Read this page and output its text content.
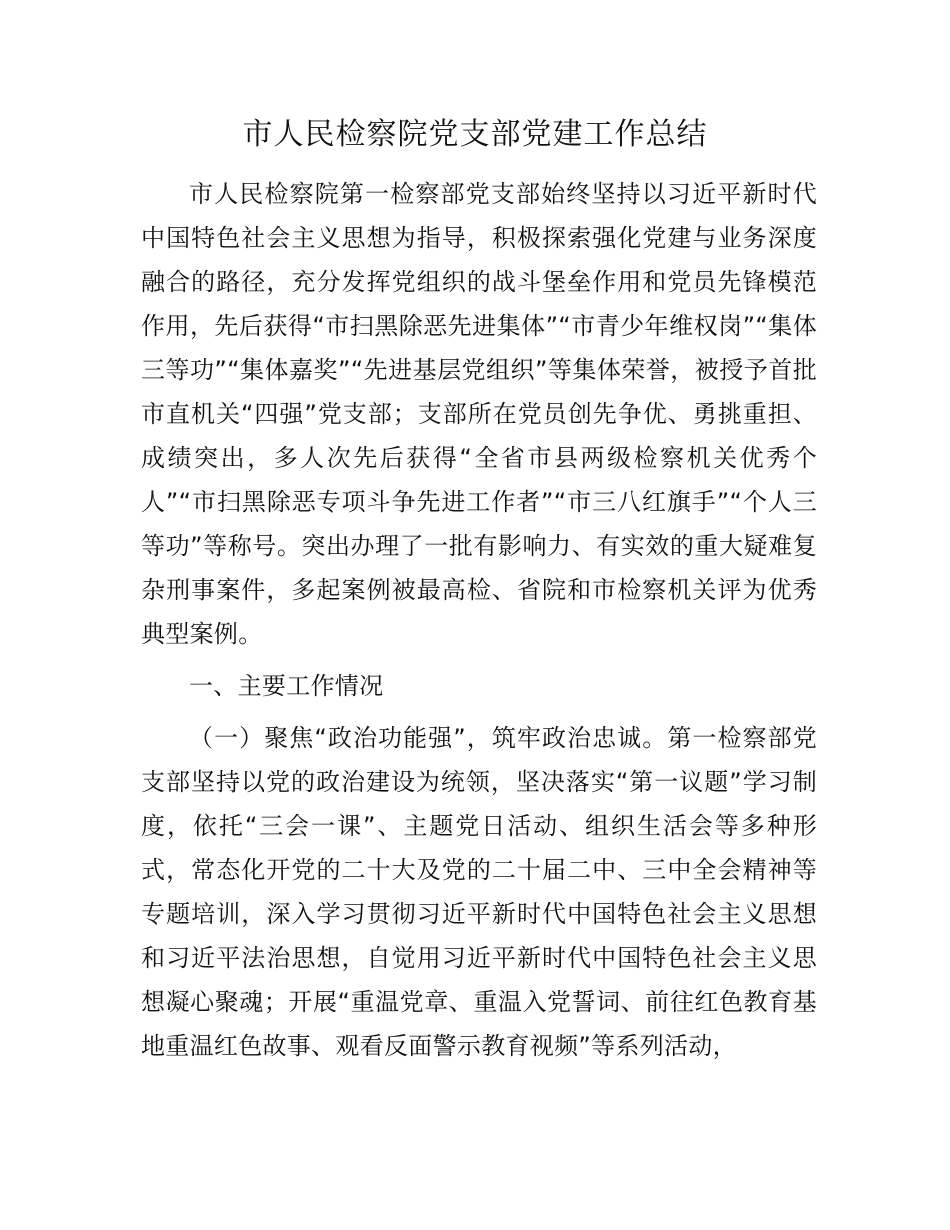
市人民检察院党支部党建工作总结

市人民检察院第一检察部党支部始终坚持以习近平新时代中国特色社会主义思想为指导，积极探索强化党建与业务深度融合的路径，充分发挥党组织的战斗堡垒作用和党员先锋模范作用，先后获得“市扫黑除恶先进集体”“市青少年维权岗”“集体三等功”“集体嘉奖”“先进基层党组织”等集体荣誉，被授予首批市直机关“四强”党支部；支部所在党员创先争优、勇挑重担、成绩突出，多人次先后获得“全省市县两级检察机关优秀个人”“市扫黑除恶专项斗争先进工作者”“市三八红旗手”“个人三等功”等称号。突出办理了一批有影响力、有实效的重大疑难复杂刑事案件，多起案例被最高检、省院和市检察机关评为优秀典型案例。

一、主要工作情况

（一）聚焦“政治功能强”，筑牢政治忠诚。第一检察部党支部坚持以党的政治建设为统领，坚决落实“第一议题”学习制度，依托“三会一课”、主题党日活动、组织生活会等多种形式，常态化开党的二十大及党的二十届二中、三中全会精神等专题培训，深入学习贯彻习近平新时代中国特色社会主义思想和习近平法治思想，自觉用习近平新时代中国特色社会主义思想凝心聚魂；开展“重温党章、重温入党誓词、前往红色教育基地重温红色故事、观看反面警示教育视频”等系列活动，
